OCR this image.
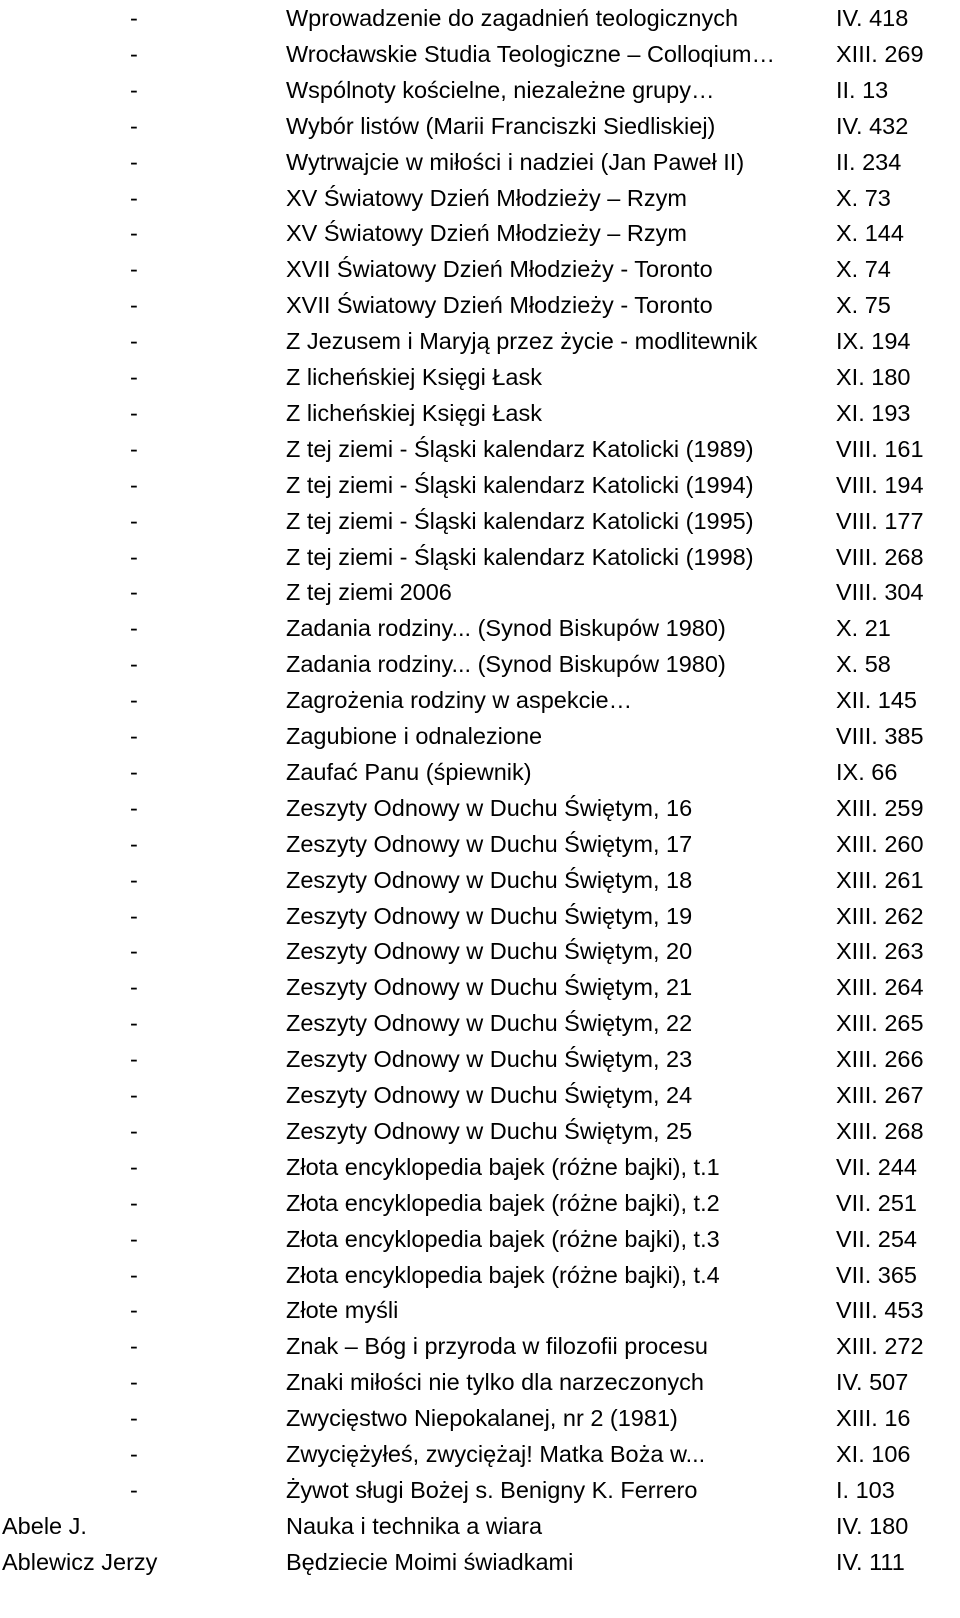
-	Wprowadzenie do zagadnień teologicznych	IV. 418
-	Wrocławskie Studia Teologiczne – Colloqium…	XIII. 269
-	Wspólnoty kościelne, niezależne grupy…	II. 13
-	Wybór listów (Marii Franciszki Siedliskiej)	IV. 432
-	Wytrwajcie w miłości i nadziei (Jan Paweł II)	II. 234
-	XV Światowy Dzień Młodzieży – Rzym	X. 73
-	XV Światowy Dzień Młodzieży – Rzym	X. 144
-	XVII Światowy Dzień Młodzieży - Toronto	X. 74
-	XVII Światowy Dzień Młodzieży - Toronto	X. 75
-	Z Jezusem i Maryją przez życie - modlitewnik	IX. 194
-	Z licheńskiej Księgi Łask	XI. 180
-	Z licheńskiej Księgi Łask	XI. 193
-	Z tej ziemi - Śląski kalendarz Katolicki (1989)	VIII. 161
-	Z tej ziemi - Śląski kalendarz Katolicki (1994)	VIII. 194
-	Z tej ziemi - Śląski kalendarz Katolicki (1995)	VIII. 177
-	Z tej ziemi - Śląski kalendarz Katolicki (1998)	VIII. 268
-	Z tej ziemi 2006	VIII. 304
-	Zadania rodziny... (Synod Biskupów 1980)	X. 21
-	Zadania rodziny... (Synod Biskupów 1980)	X. 58
-	Zagrożenia rodziny w aspekcie…	XII. 145
-	Zagubione i odnalezione	VIII. 385
-	Zaufać Panu (śpiewnik)	IX. 66
-	Zeszyty Odnowy w Duchu Świętym, 16	XIII. 259
-	Zeszyty Odnowy w Duchu Świętym, 17	XIII. 260
-	Zeszyty Odnowy w Duchu Świętym, 18	XIII. 261
-	Zeszyty Odnowy w Duchu Świętym, 19	XIII. 262
-	Zeszyty Odnowy w Duchu Świętym, 20	XIII. 263
-	Zeszyty Odnowy w Duchu Świętym, 21	XIII. 264
-	Zeszyty Odnowy w Duchu Świętym, 22	XIII. 265
-	Zeszyty Odnowy w Duchu Świętym, 23	XIII. 266
-	Zeszyty Odnowy w Duchu Świętym, 24	XIII. 267
-	Zeszyty Odnowy w Duchu Świętym, 25	XIII. 268
-	Złota encyklopedia bajek (różne bajki), t.1	VII. 244
-	Złota encyklopedia bajek (różne bajki), t.2	VII. 251
-	Złota encyklopedia bajek (różne bajki), t.3	VII. 254
-	Złota encyklopedia bajek (różne bajki), t.4	VII. 365
-	Złote myśli	VIII. 453
-	Znak – Bóg i przyroda w filozofii procesu	XIII. 272
-	Znaki miłości nie tylko dla narzeczonych	IV. 507
-	Zwycięstwo Niepokalanej, nr 2 (1981)	XIII. 16
-	Zwyciężyłeś, zwyciężaj! Matka Boża w...	XI. 106
-	Żywot sługi Bożej s. Benigny K. Ferrero	I. 103
Abele J.	Nauka i technika a wiara	IV. 180
Ablewicz Jerzy	Będziecie Moimi świadkami	IV. 111
